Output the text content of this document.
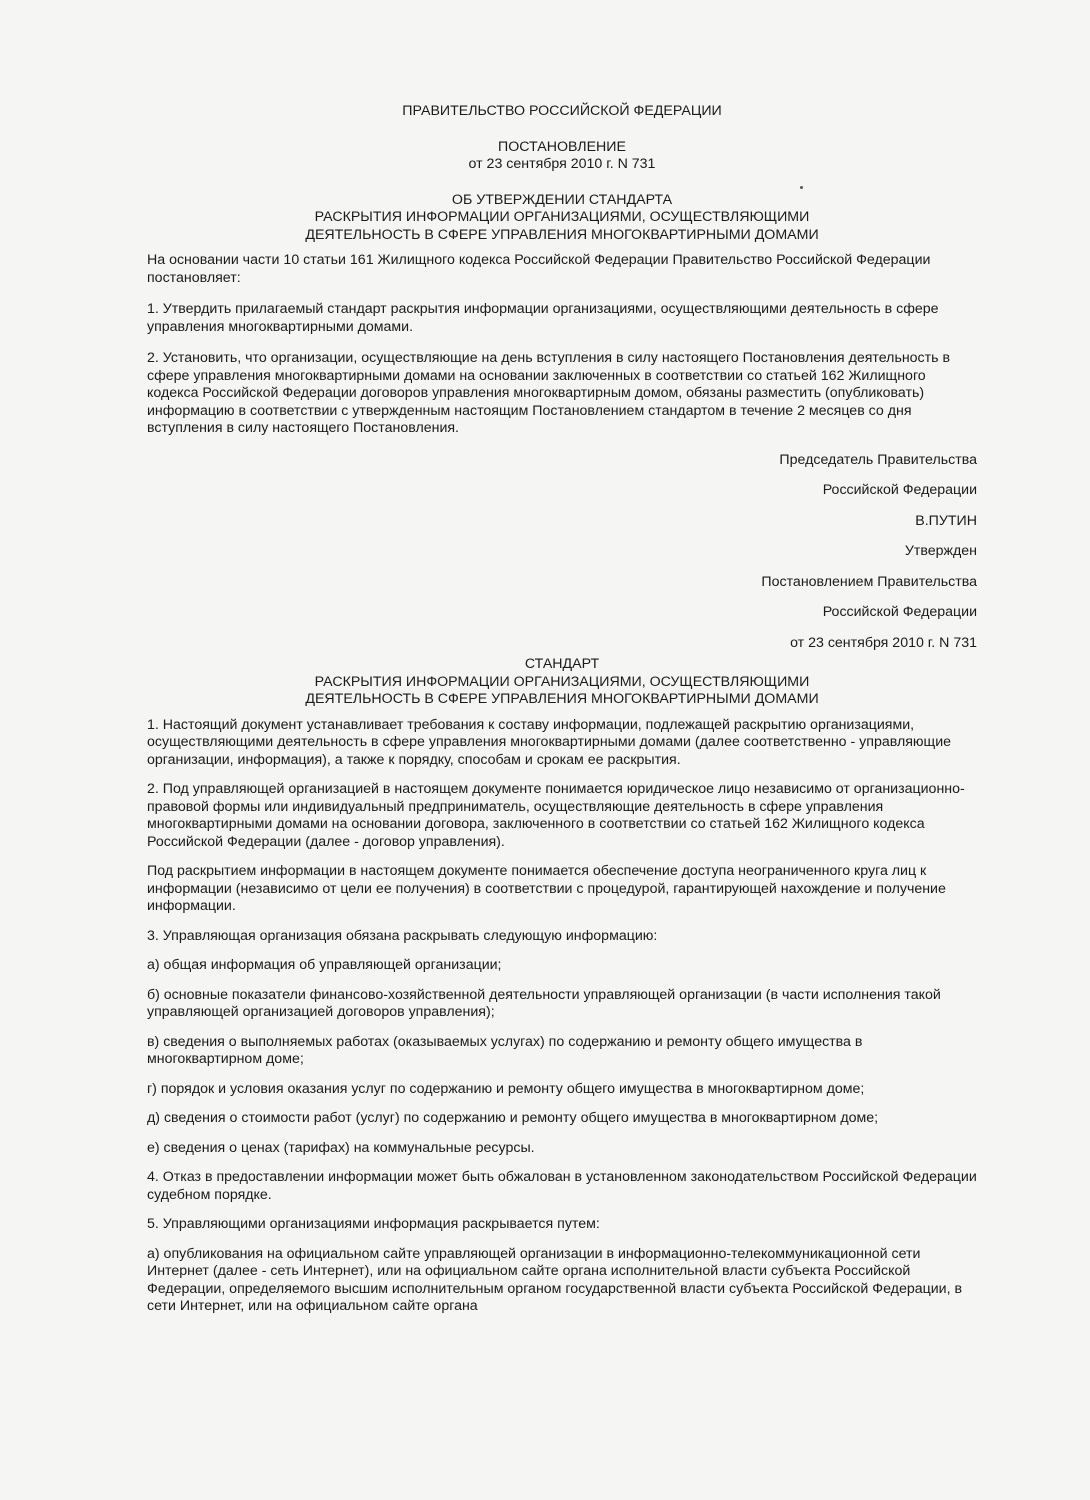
ПРАВИТЕЛЬСТВО РОССИЙСКОЙ ФЕДЕРАЦИИ

ПОСТАНОВЛЕНИЕ

от 23 сентября 2010 г. N 731

ОБ УТВЕРЖДЕНИИ СТАНДАРТА

РАСКРЫТИЯ ИНФОРМАЦИИ ОРГАНИЗАЦИЯМИ, ОСУЩЕСТВЛЯЮЩИМИ

ДЕЯТЕЛЬНОСТЬ В СФЕРЕ УПРАВЛЕНИЯ МНОГОКВАРТИРНЫМИ ДОМАМИ

На основании части 10 статьи 161 Жилищного кодекса Российской Федерации Правительство Российской Федерации постановляет:

1. Утвердить прилагаемый стандарт раскрытия информации организациями, осуществляющими деятельность в сфере управления многоквартирными домами.

2. Установить, что организации, осуществляющие на день вступления в силу настоящего Постановления деятельность в сфере управления многоквартирными домами на основании заключенных в соответствии со статьей 162 Жилищного кодекса Российской Федерации договоров управления многоквартирным домом, обязаны разместить (опубликовать) информацию в соответствии с утвержденным настоящим Постановлением стандартом в течение 2 месяцев со дня вступления в силу настоящего Постановления.

Председатель Правительства

Российской Федерации

В.ПУТИН

Утвержден

Постановлением Правительства

Российской Федерации

от 23 сентября 2010 г. N 731

СТАНДАРТ

РАСКРЫТИЯ ИНФОРМАЦИИ ОРГАНИЗАЦИЯМИ, ОСУЩЕСТВЛЯЮЩИМИ

ДЕЯТЕЛЬНОСТЬ В СФЕРЕ УПРАВЛЕНИЯ МНОГОКВАРТИРНЫМИ ДОМАМИ

1. Настоящий документ устанавливает требования к составу информации, подлежащей раскрытию организациями, осуществляющими деятельность в сфере управления многоквартирными домами (далее соответственно - управляющие организации, информация), а также к порядку, способам и срокам ее раскрытия.

2. Под управляющей организацией в настоящем документе понимается юридическое лицо независимо от организационно-правовой формы или индивидуальный предприниматель, осуществляющие деятельность в сфере управления многоквартирными домами на основании договора, заключенного в соответствии со статьей 162 Жилищного кодекса Российской Федерации (далее - договор управления).

Под раскрытием информации в настоящем документе понимается обеспечение доступа неограниченного круга лиц к информации (независимо от цели ее получения) в соответствии с процедурой, гарантирующей нахождение и получение информации.

3. Управляющая организация обязана раскрывать следующую информацию:

а) общая информация об управляющей организации;

б) основные показатели финансово-хозяйственной деятельности управляющей организации (в части исполнения такой управляющей организацией договоров управления);

в) сведения о выполняемых работах (оказываемых услугах) по содержанию и ремонту общего имущества в многоквартирном доме;

г) порядок и условия оказания услуг по содержанию и ремонту общего имущества в многоквартирном доме;

д) сведения о стоимости работ (услуг) по содержанию и ремонту общего имущества в многоквартирном доме;

е) сведения о ценах (тарифах) на коммунальные ресурсы.

4. Отказ в предоставлении информации может быть обжалован в установленном законодательством Российской Федерации судебном порядке.

5. Управляющими организациями информация раскрывается путем:

а) опубликования на официальном сайте управляющей организации в информационно-телекоммуникационной сети Интернет (далее - сеть Интернет), или на официальном сайте органа исполнительной власти субъекта Российской Федерации, определяемого высшим исполнительным органом государственной власти субъекта Российской Федерации, в сети Интернет, или на официальном сайте органа
